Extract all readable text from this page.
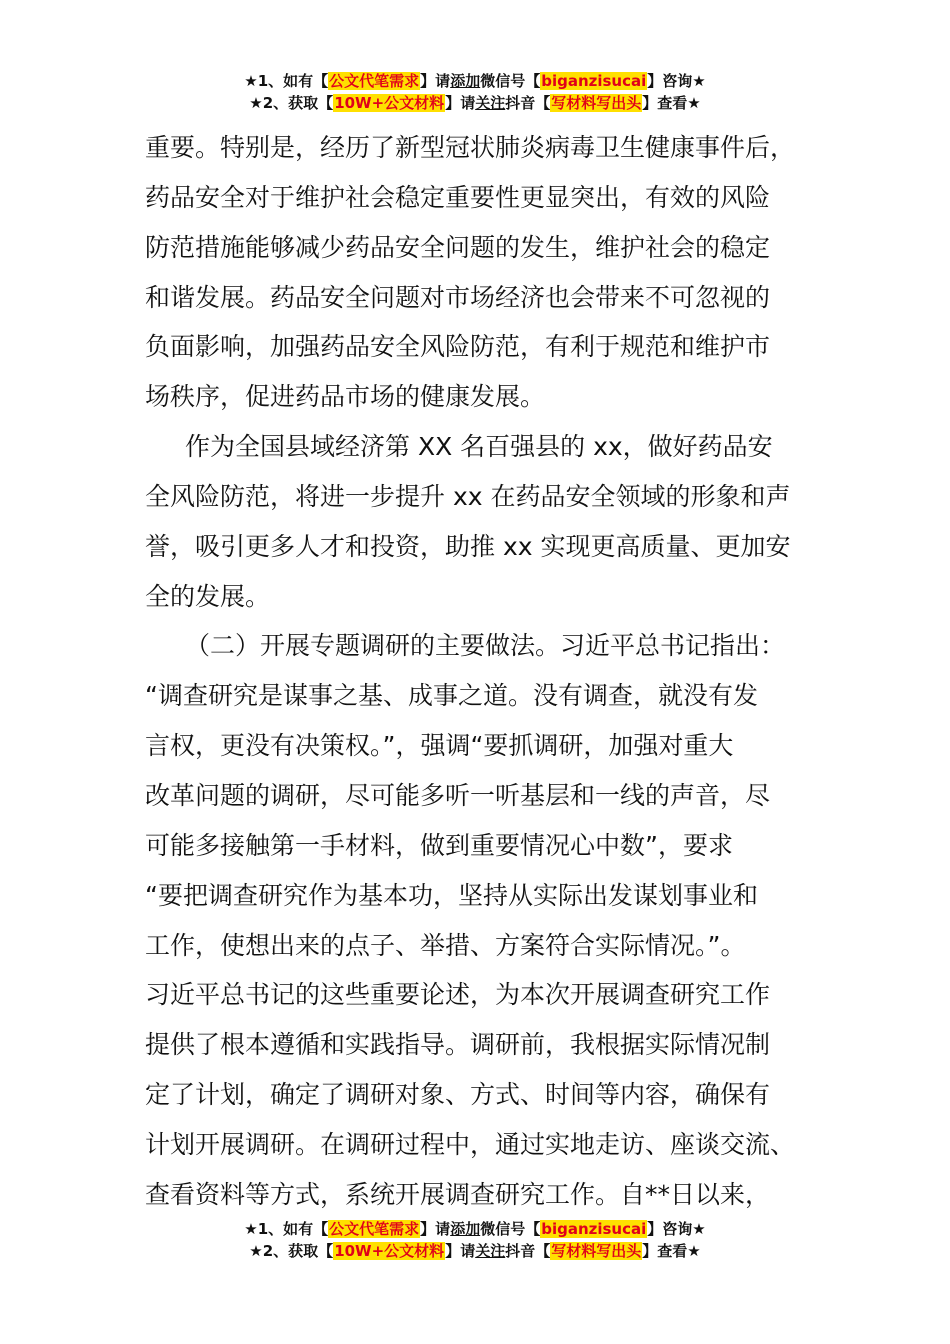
★1、如有【公文代笔需求】请添加微信号【biganzisucai】咨询★
★2、获取【10W+公文材料】请关注抖音【写材料写出头】查看★
重要。特别是，经历了新型冠状肺炎病毒卫生健康事件后，
药品安全对于维护社会稳定重要性更显突出，有效的风险
防范措施能够减少药品安全问题的发生，维护社会的稳定
和谐发展。药品安全问题对市场经济也会带来不可忽视的
负面影响，加强药品安全风险防范，有利于规范和维护市
场秩序，促进药品市场的健康发展。
作为全国县域经济第 XX 名百强县的 xx，做好药品安
全风险防范，将进一步提升 xx 在药品安全领域的形象和声
誉，吸引更多人才和投资，助推 xx 实现更高质量、更加安
全的发展。
（二）开展专题调研的主要做法。习近平总书记指出：
“调查研究是谋事之基、成事之道。没有调查，就没有发
言权，更没有决策权。”，强调“要抓调研，加强对重大
改革问题的调研，尽可能多听一听基层和一线的声音，尽
可能多接触第一手材料，做到重要情况心中数”，要求
“要把调查研究作为基本功，坚持从实际出发谋划事业和
工作，使想出来的点子、举措、方案符合实际情况。”。
习近平总书记的这些重要论述，为本次开展调查研究工作
提供了根本遵循和实践指导。调研前，我根据实际情况制
定了计划，确定了调研对象、方式、时间等内容，确保有
计划开展调研。在调研过程中，通过实地走访、座谈交流、
查看资料等方式，系统开展调查研究工作。自**日以来，
★1、如有【公文代笔需求】请添加微信号【biganzisucai】咨询★
★2、获取【10W+公文材料】请关注抖音【写材料写出头】查看★
